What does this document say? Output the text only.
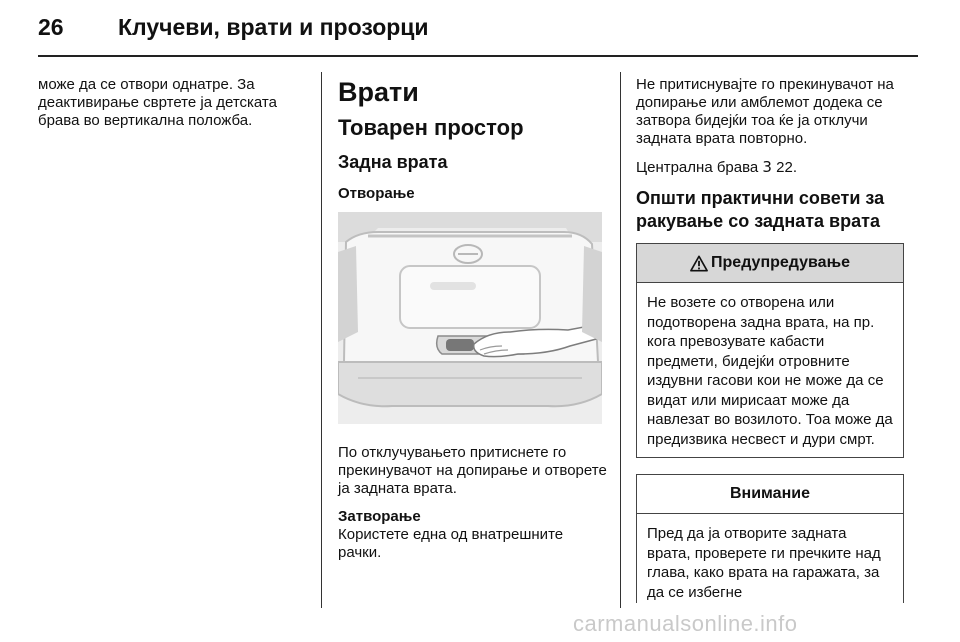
26 Клучеви, врати и прозорци

може да се отвори однатре. За деактивирање свртете ја детската брава во вертикална положба.

Врати
Товарен простор
Задна врата
Отворање

По отклучувањето притиснете го прекинувачот на допирање и отворете ја задната врата.

Затворање

Користете една од внатрешните рачки.

Не притиснувајте го прекинувачот на допирање или амблемот додека се затвора бидејќи тоа ќе ја отклучи задната врата повторно.

Централна брава 3 22.

Општи практични совети за ракување со задната врата
Предупредување
Не возете со отворена или подотворена задна врата, на пр. кога превозувате кабасти предмети, бидејќи отровните издувни гасови кои не може да се видат или мирисаат може да навлезат во возилото. Тоа може да предизвика несвест и дури смрт.
Внимание
Пред да ја отворите задната врата, проверете ги пречките над глава, како врата на гаражата, за да се избегне
carmanualsonline.info
